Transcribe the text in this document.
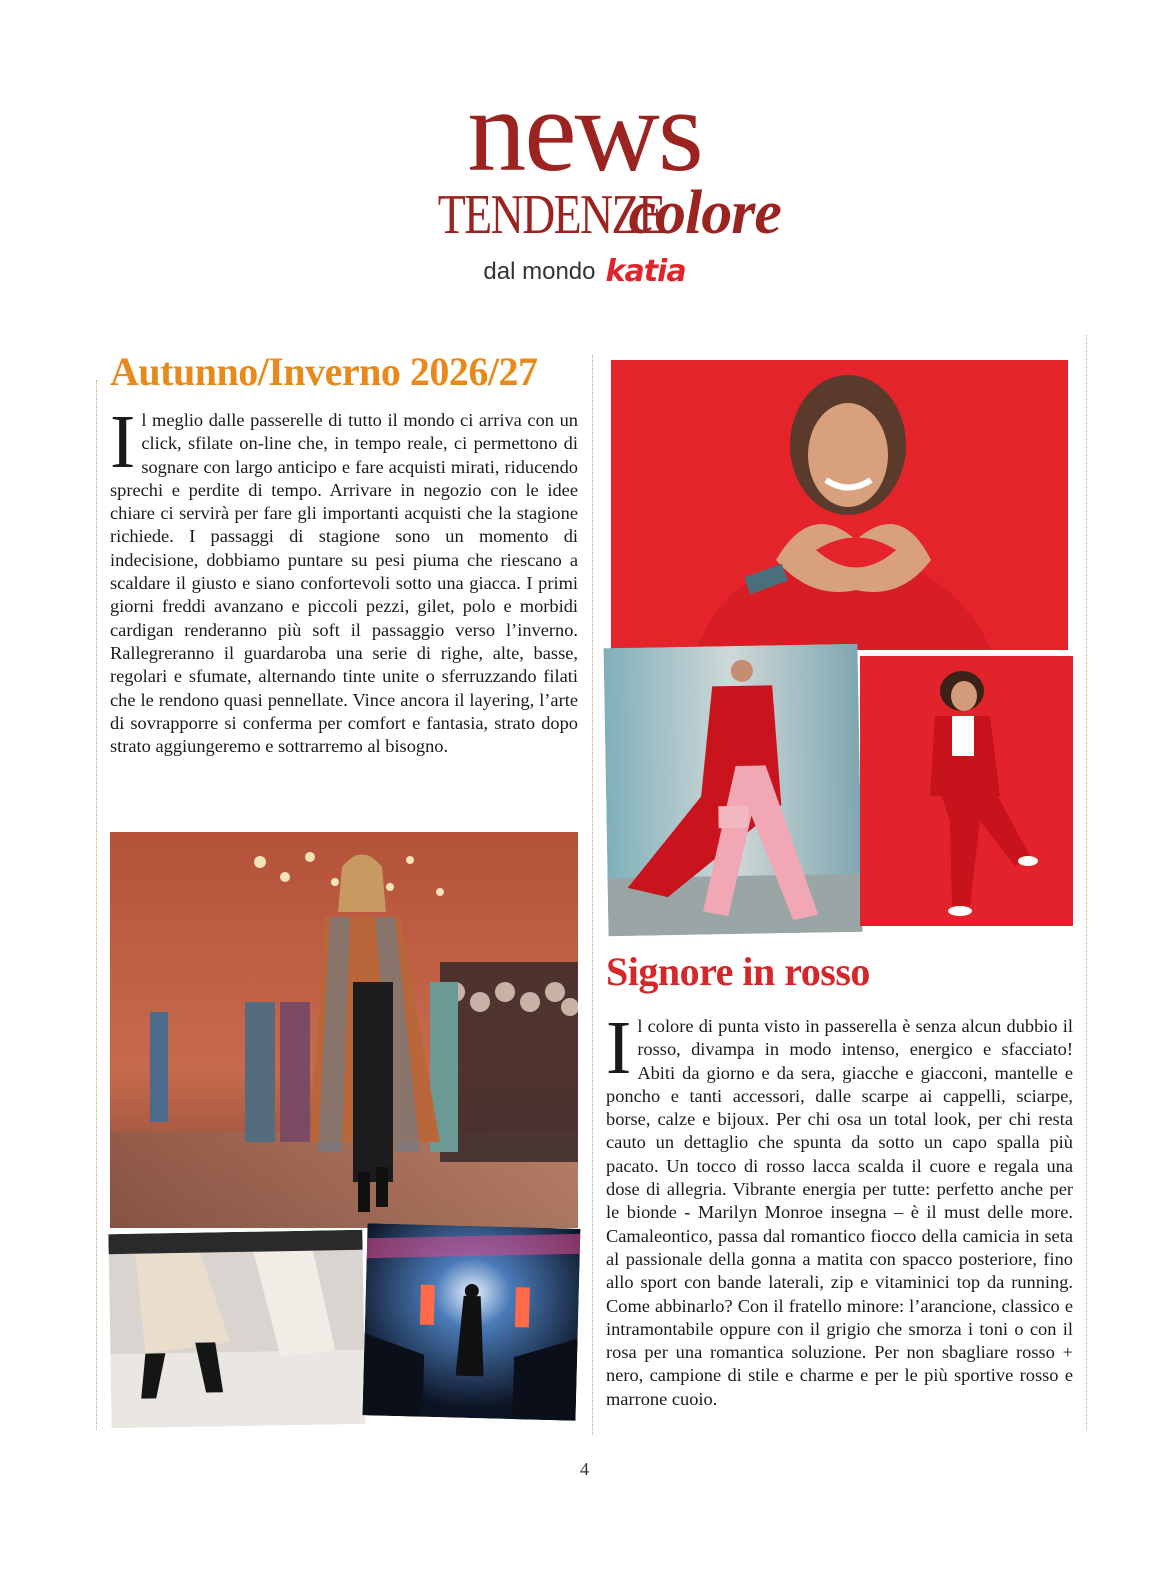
news
TENDENZE colore
dal mondo katia
Autunno/Inverno 2026/27
Il meglio dalle passerelle di tutto il mondo ci arriva con un click, sfilate on-line che, in tempo reale, ci permettono di sognare con largo anticipo e fare acquisti mirati, riducendo sprechi e perdite di tempo. Arrivare in negozio con le idee chiare ci servirà per fare gli importanti acquisti che la stagione richiede. I passaggi di stagione sono un momento di indecisione, dobbiamo puntare su pesi piuma che riescano a scaldare il giusto e siano confortevoli sotto una giacca. I primi giorni freddi avanzano e piccoli pezzi, gilet, polo e morbidi cardigan renderanno più soft il passaggio verso l’inverno. Rallegreranno il guardaroba una serie di righe, alte, basse, regolari e sfumate, alternando tinte unite o sferruzzando filati che le rendono quasi pennellate. Vince ancora il layering, l’arte di sovrapporre si conferma per comfort e fantasia, strato dopo strato aggiungeremo e sottrarremo al bisogno.
Signore in rosso
Il colore di punta visto in passerella è senza alcun dubbio il rosso, divampa in modo intenso, energico e sfacciato! Abiti da giorno e da sera, giacche e giacconi, mantelle e poncho e tanti accessori, dalle scarpe ai cappelli, sciarpe, borse, calze e bijoux. Per chi osa un total look, per chi resta cauto un dettaglio che spunta da sotto un capo spalla più pacato. Un tocco di rosso lacca scalda il cuore e regala una dose di allegria. Vibrante energia per tutte: perfetto anche per le bionde - Marilyn Monroe insegna – è il must delle more. Camaleontico, passa dal romantico fiocco della camicia in seta al passionale della gonna a matita con spacco posteriore, fino allo sport con bande laterali, zip e vitaminici top da running. Come abbinarlo? Con il fratello minore: l’arancione, classico e intramontabile oppure con il grigio che smorza i toni o con il rosa per una romantica soluzione. Per non sbagliare rosso + nero, campione di stile e charme e per le più sportive rosso e marrone cuoio.
4
